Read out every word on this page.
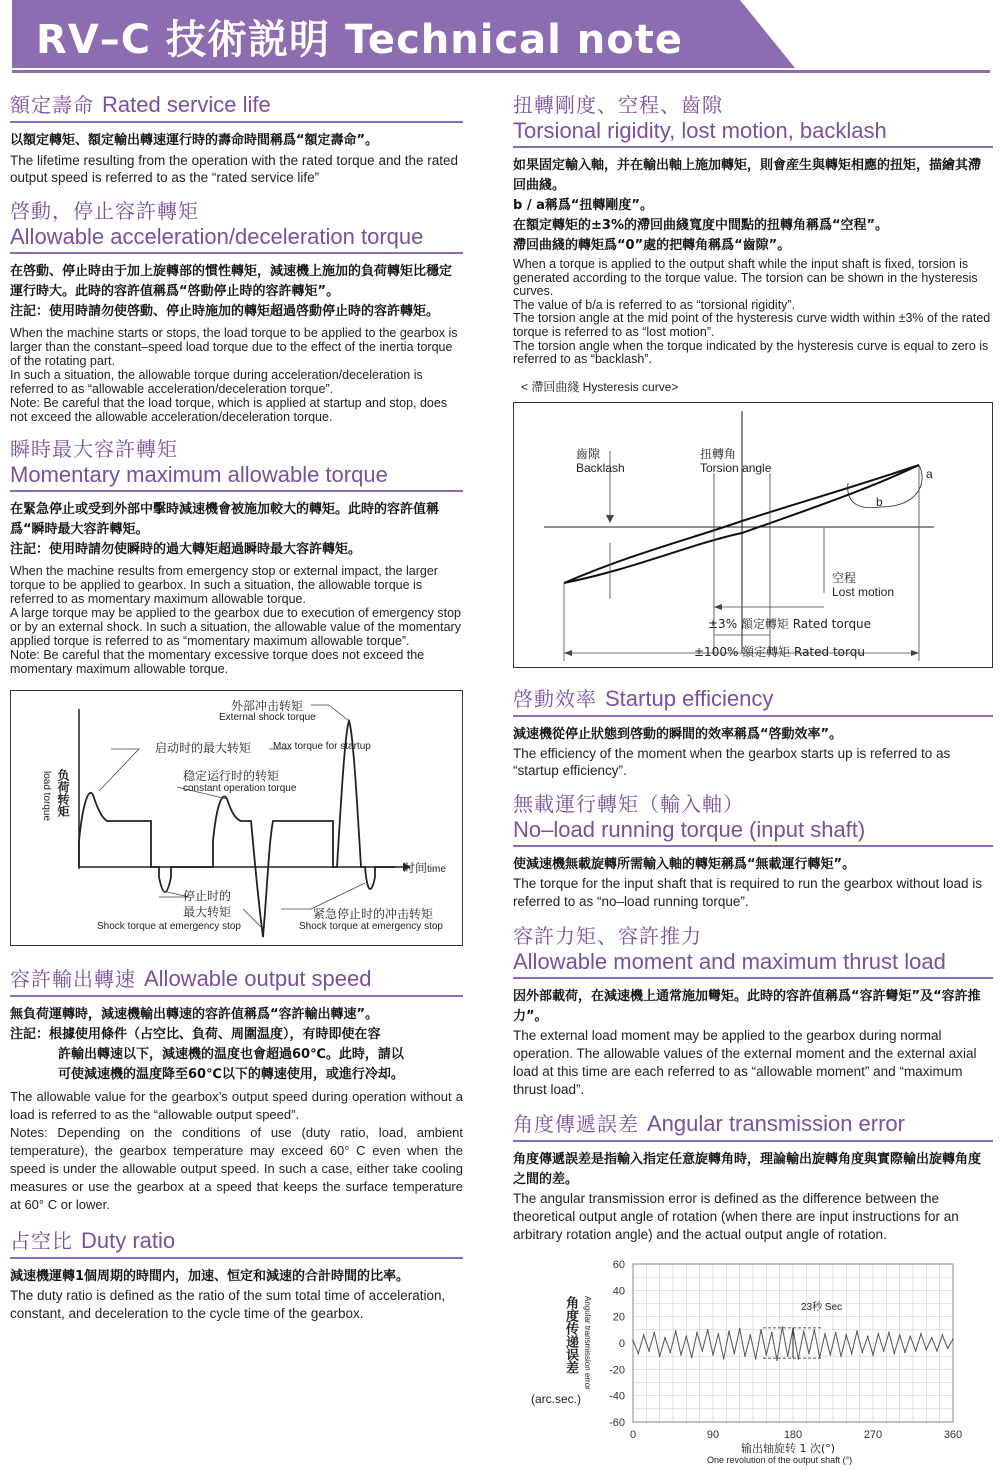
RV–C 技術説明 Technical note
額定壽命 Rated service life

以額定轉矩、額定輸出轉速運行時的壽命時間稱爲“額定壽命”。

The lifetime resulting from the operation with the rated torque and the rated output speed is referred to as the “rated service life”

啓動，停止容許轉矩
Allowable acceleration/deceleration torque

在啓動、停止時由于加上旋轉部的慣性轉矩，減速機上施加的負荷轉矩比穩定運行時大。此時的容許值稱爲“啓動停止時的容許轉矩”。

注記：使用時請勿使啓動、停止時施加的轉矩超過啓動停止時的容許轉矩。

When the machine starts or stops, the load torque to be applied to the gearbox is larger than the constant–speed load torque due to the effect of the inertia torque of the rotating part.
In such a situation, the allowable torque during acceleration/deceleration is referred to as “allowable acceleration/deceleration torque”.
Note: Be careful that the load torque, which is applied at startup and stop, does not exceed the allowable acceleration/deceleration torque.

瞬時最大容許轉矩
Momentary maximum allowable torque

在緊急停止或受到外部中擊時減速機會被施加較大的轉矩。此時的容許值稱爲“瞬時最大容許轉矩。

注記：使用時請勿使瞬時的過大轉矩超過瞬時最大容許轉矩。

When the machine results from emergency stop or external impact, the larger torque to be applied to gearbox. In such a situation, the allowable torque is referred to as momentary maximum allowable torque.
A large torque may be applied to the gearbox due to execution of emergency stop or by an external shock. In such a situation, the allowable value of the momentary applied torque is referred to as “momentary maximum allowable torque”.
Note: Be careful that the momentary excessive torque does not exceed the momentary maximum allowable torque.

外部冲击转矩
External shock torque
启动时的最大转矩 Max torque for startup
稳定运行时的转矩
constant operation torque
时间time
停止时的
最大转矩
Shock torque at emergency stop
紧急停止时的冲击转矩
Shock torque at emergency stop
负荷转矩
load torque
容許輸出轉速 Allowable output speed

無負荷運轉時，減速機輸出轉速的容許值稱爲“容許輸出轉速”。

注記：根據使用條件（占空比、負荷、周圍温度），有時即使在容

許輸出轉速以下，減速機的温度也會超過60℃。此時，請以

可使減速機的温度降至60℃以下的轉速使用，或進行冷却。

The allowable value for the gearbox’s output speed during operation without a load is referred to as the “allowable output speed”.
Notes: Depending on the conditions of use (duty ratio, load, ambient temperature), the gearbox temperature may exceed 60° C even when the speed is under the allowable output speed. In such a case, either take cooling measures or use the gearbox at a speed that keeps the surface temperature at 60° C or lower.

占空比 Duty ratio

減速機運轉1個周期的時間内，加速、恒定和減速的合計時間的比率。

The duty ratio is defined as the ratio of the sum total time of acceleration, constant, and deceleration to the cycle time of the gearbox.

扭轉剛度、空程、齒隙
Torsional rigidity, lost motion, backlash

如果固定輸入軸，并在輸出軸上施加轉矩，則會産生與轉矩相應的扭矩，描繪其滯回曲綫。

b / a稱爲“扭轉剛度”。

在額定轉矩的±3%的滯回曲綫寬度中間點的扭轉角稱爲“空程”。

滯回曲綫的轉矩爲“0”處的把轉角稱爲“齒隙”。

When a torque is applied to the output shaft while the input shaft is fixed, torsion is generated according to the torque value. The torsion can be shown in the hysteresis curves.
The value of b/a is referred to as “torsional rigidity”.
The torsion angle at the mid point of the hysteresis curve width within ±3% of the rated torque is referred to as “lost motion”.
The torsion angle when the torque indicated by the hysteresis curve is equal to zero is referred to as “backlash”.

< 滯回曲綫 Hysteresis curve>

齒隙
Backlash
扭轉角
Torsion angle	a
b
空程
Lost motion
±3% 額定轉矩 Rated torque
±100% 額定轉矩 Rated torqu
啓動效率 Startup efficiency

減速機從停止狀態到啓動的瞬間的效率稱爲“啓動效率”。

The efficiency of the moment when the gearbox starts up is referred to as “startup efficiency”.

無載運行轉矩（輸入軸）
No–load running torque (input shaft)

使減速機無載旋轉所需輸入軸的轉矩稱爲“無載運行轉矩”。

The torque for the input shaft that is required to run the gearbox without load is referred to as “no–load running torque”.

容許力矩、容許推力
Allowable moment and maximum thrust load

因外部載荷，在減速機上通常施加彎矩。此時的容許值稱爲“容許彎矩”及“容許推力”。

The external load moment may be applied to the gearbox during normal operation. The allowable values of the external moment and the external axial load at this time are each referred to as “allowable moment” and “maximum thrust load”.

角度傳遞誤差 Angular transmission error

角度傳遞誤差是指輸入指定任意旋轉角時，理論輸出旋轉角度與實際輸出旋轉角度之間的差。

The angular transmission error is defined as the difference between the theoretical output angle of rotation (when there are input instructions for an arbitrary rotation angle) and the actual output angle of rotation.

60
40
20
0
-20
-40
-60
0	90	180	270	360
角度传递误差 Angular transmission error
(arc.sec.)
输出轴旋转 1 次(°)
One revolution of the output shaft (°)
23秒 Sec
